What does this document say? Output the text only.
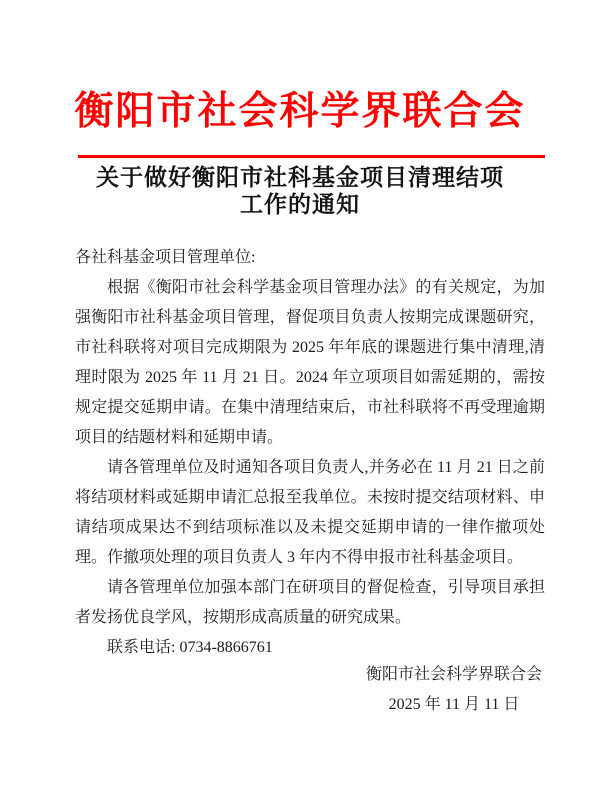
衡阳市社会科学界联合会
关于做好衡阳市社科基金项目清理结项
工作的通知

各社科基金项目管理单位:

根据《衡阳市社会科学基金项目管理办法》的有关规定，为加强衡阳市社科基金项目管理，督促项目负责人按期完成课题研究，市社科联将对项目完成期限为 2025 年年底的课题进行集中清理,清理时限为 2025 年 11 月 21 日。2024 年立项项目如需延期的，需按规定提交延期申请。在集中清理结束后，市社科联将不再受理逾期项目的结题材料和延期申请。

请各管理单位及时通知各项目负责人,并务必在 11 月 21 日之前将结项材料或延期申请汇总报至我单位。未按时提交结项材料、申请结项成果达不到结项标准以及未提交延期申请的一律作撤项处理。作撤项处理的项目负责人 3 年内不得申报市社科基金项目。

请各管理单位加强本部门在研项目的督促检查，引导项目承担者发扬优良学风，按期形成高质量的研究成果。

联系电话: 0734-8866761

衡阳市社会科学界联合会
2025 年 11 月 11 日
